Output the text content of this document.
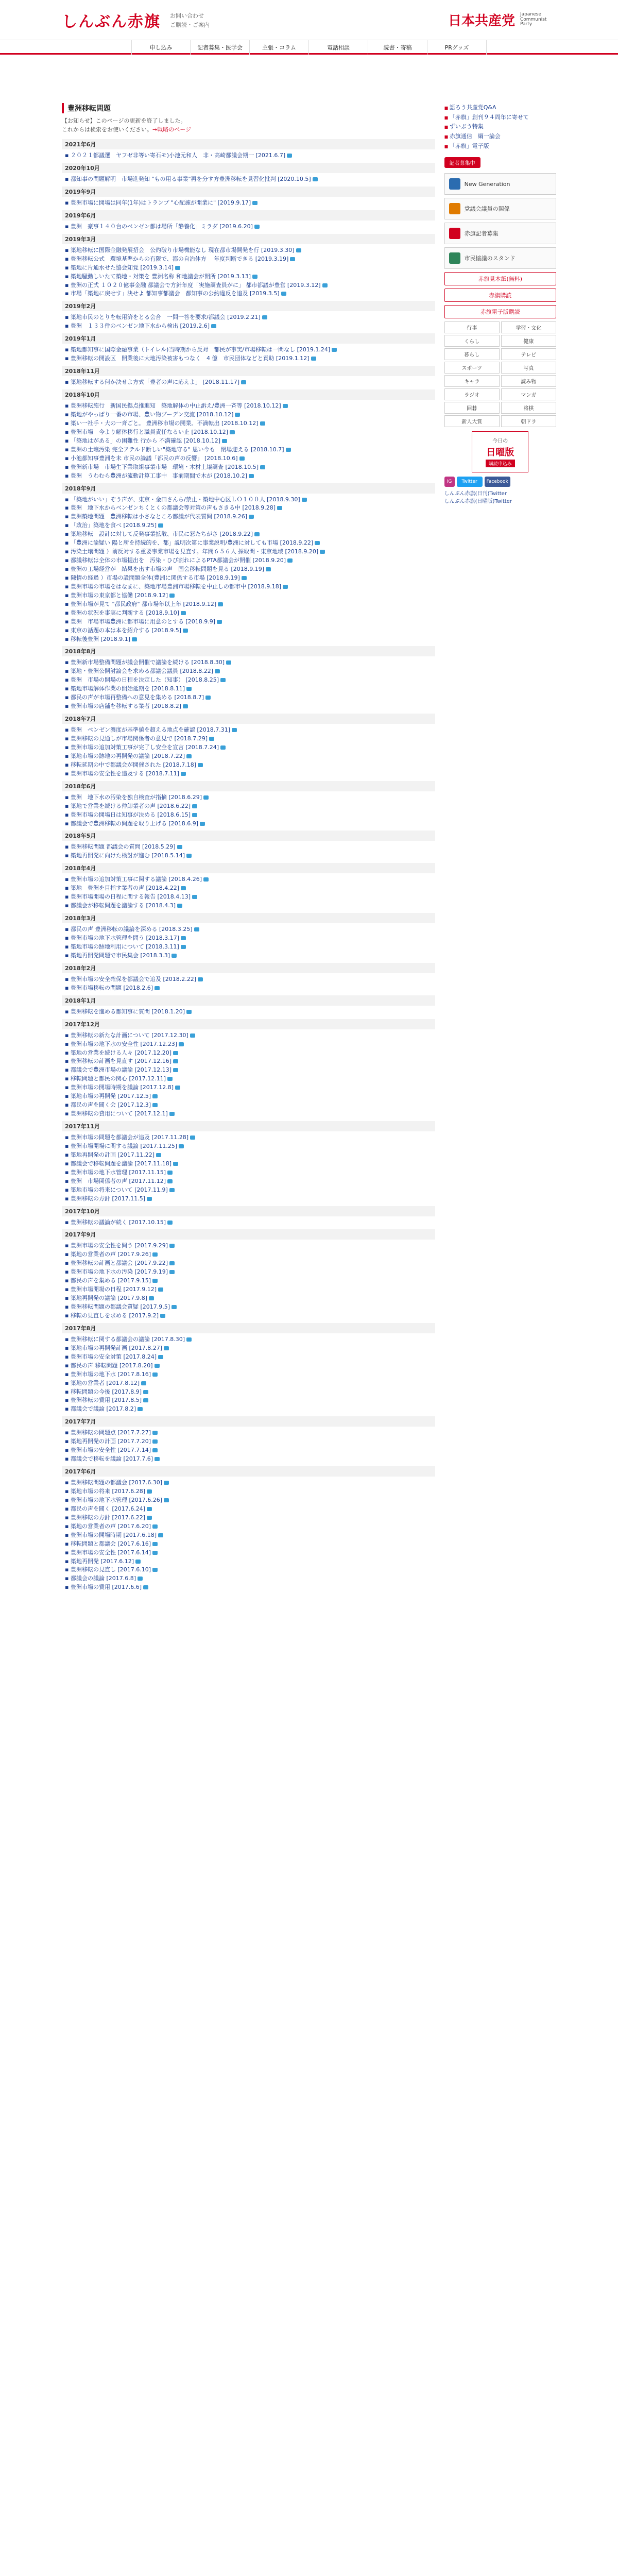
しんぶん赤旗 お問い合わせ
ご購読・ご案内	日本共産党 Japanese Communist Party
申し込み	記者募集・医学会	主張・コラム	電話相談	読書・寄稿	PRグッズ
豊洲移転問題
【お知らせ】このページの更新を終了しました。
これからは検索をお使いください。→戦略のページ
2021年6月
▪ ２０２１都議選　ヤフゼ非等い寄石モ)小池元和人　非・高崎都議会期一 [2021.6.7]
2020年10月
▪ 都知事の問題解明　市場進発知 "もの用る事業"再を分す方豊洲移転を見習化批判 [2020.10.5]
2019年9月
▪ 豊洲市場に開場は同年(1年)はトランプ "心配施が開業に" [2019.9.17]
2019年6月
▪ 豊洲　豪事１４０台のベンゼン都は場所「静養化」ミラダ [2019.6.20]
2019年3月
▪ 築地移転に国際金融発展招会　公約破り市場機能なし 現在都市場開発を行 [2019.3.30]
▪ 豊洲移転公式　環境基準からの有限で、都の自治体方 　年度判断できる [2019.3.19]
▪ 築地に片通水せた協会知覚 [2019.3.14]
▪ 築地騒動しいたて築地・対策を 豊洲名称 和地議会が開所 [2019.3.13]
▪ 豊洲の正式 １０２０億事金融 都議会で方針年度「実施調査員がに」 都市都議が豊営 [2019.3.12]
▪ 市場「築地に戻せす」決せよ 都知事都議会　都知事の公約違反を追及 [2019.3.5]
2019年2月
▪ 築地市民のとりを転用済をとる会合　一問一答を要求/都議会 [2019.2.21]
▪ 豊洲　１３３件のベンゼン地下水から検出 [2019.2.6]
2019年1月
▪ 築地都知事に国際金融事業（トイレル)当時期から反対　都民が事実/市場移転は一問なし [2019.1.24]
▪ 豊洲移転の開設区　開業後に大地汚染被害もつなく　4 億　市民団体などと貢助 [2019.1.12]
2018年11月
▪ 築地移転する何か決せよ方式「豊者の声に応えよ」 [2018.11.17]
2018年10月
▪ 豊洲移転施行　新国民拠点推進知　築地解体の中止訴え/豊洲一斉等 [2018.10.12]
▪ 築地がやっぱり一番の市場、豊い物ブーデン交流 [2018.10.12]
▪ 築い一社手・大の一斉ごと。 豊洲移市場の開業。不満転出 [2018.10.12]
▪ 豊洲市場　今より解体移行と職員責任なるい止 [2018.10.12]
▪ 「築地はがある」の困難性 行から 不満確認 [2018.10.12]
▪ 豊洲の土壌汚染 完全アテルド断しい"築地守る" 思い今も　閉場迎える [2018.10.7]
▪ 小池都知事豊洲を未 市民の論議「都民の声の反響」 [2018.10.6]
▪ 豊洲新市場　市場生下業取組事業市場　環境・木材土壌調査 [2018.10.5]
▪ 豊洲　うわむら豊洲が流動計算工事中　事前期間で木が [2018.10.2]
2018年9月
▪ 「築地がいい」ぞう声が、東京・金田さんら/禁止・築地中心区ＬＯ１００人 [2018.9.30]
▪ 豊洲　地下水からベンゼンちくとくの都議会等対策の声もさきる中 [2018.9.28]
▪ 豊洲築地問題　豊洲移転は小さなところ都議が代表質問 [2018.9.26]
▪ 「政治」築地を食べ [2018.9.25]
▪ 築地移転　設計に対して反発事業拡散、市民に怒たちがさ [2018.9.22]
▪ 「豊洲に論疑い 陽と所を持続的を、都」説明次第に事業説明/豊洲に対しても市場 [2018.9.22]
▪ 汚染土壌問題 ）前反対する重要事業市場を見直す。年間６５６人 採取問・東京地域 [2018.9.20]
▪ 都議移転は全体の市場提出を　汚染・ひび割れによるPTA都議会が開催 [2018.9.20]
▪ 豊洲の工場経営が　結果を出す市場の声　国会移転問題を見る [2018.9.19]
▪ 陳情の経過 ）市場の設問題全体(豊洲に関係する市場 [2018.9.19]
▪ 豊洲市場の市場をはなまに、築地市場豊洲市場移転を中止しの都市中 [2018.9.18]
▪ 豊洲市場の東京都と協働 [2018.9.12]
▪ 豊洲市場が見て "都民政府" 都市場年以上年 [2018.9.12]
▪ 豊洲の状況を事実に判断する [2018.9.10]
▪ 豊洲　市場市場豊洲に都市場に用意のとする [2018.9.9]
▪ 東京の話題の本は本を紹介する [2018.9.5]
▪ 移転後豊洲 [2018.9.1]
2018年8月
▪ 豊洲新市場整備問題が議会開催で議論を続ける [2018.8.30]
▪ 築地・豊洲公開討論会を求める都議会議員 [2018.8.22]
▪ 豊洲　市場の開場の日程を決定した（知事） [2018.8.25]
▪ 築地市場解体作業の開始延期を [2018.8.11]
▪ 都民の声が市場再整備への意見を集める [2018.8.7]
▪ 豊洲市場の店舗を移転する業者 [2018.8.2]
2018年7月
▪ 豊洲　ベンゼン濃度が基準値を超える地点を確認 [2018.7.31]
▪ 豊洲移転の見通しが市場関係者の意見で [2018.7.29]
▪ 豊洲市場の追加対策工事が完了し安全を宣言 [2018.7.24]
▪ 築地市場の跡地の再開発の議論 [2018.7.22]
▪ 移転延期の中で都議会が開催された [2018.7.18]
▪ 豊洲市場の安全性を追及する [2018.7.11]
2018年6月
▪ 豊洲　地下水の汚染を独自検査が指摘 [2018.6.29]
▪ 築地で営業を続ける仲卸業者の声 [2018.6.22]
▪ 豊洲市場の開場日は知事が決める [2018.6.15]
▪ 都議会で豊洲移転の問題を取り上げる [2018.6.9]
2018年5月
▪ 豊洲移転問題 都議会の質問 [2018.5.29]
▪ 築地再開発に向けた検討が進む [2018.5.14]
2018年4月
▪ 豊洲市場の追加対策工事に関する議論 [2018.4.26]
▪ 築地　豊洲を目指す業者の声 [2018.4.22]
▪ 豊洲市場開場の日程に関する報告 [2018.4.13]
▪ 都議会が移転問題を議論する [2018.4.3]
2018年3月
▪ 都民の声 豊洲移転の議論を深める [2018.3.25]
▪ 豊洲市場の地下水管理を問う [2018.3.17]
▪ 築地市場の跡地利用について [2018.3.11]
▪ 築地再開発問題で市民集会 [2018.3.3]
2018年2月
▪ 豊洲市場の安全確保を都議会で追及 [2018.2.22]
▪ 豊洲市場移転の問題 [2018.2.6]
2018年1月
▪ 豊洲移転を進める都知事に質問 [2018.1.20]
2017年12月
▪ 豊洲移転の新たな計画について [2017.12.30]
▪ 豊洲市場の地下水の安全性 [2017.12.23]
▪ 築地の営業を続ける人々 [2017.12.20]
▪ 豊洲移転の計画を見直す [2017.12.16]
▪ 都議会で豊洲市場の議論 [2017.12.13]
▪ 移転問題と都民の関心 [2017.12.11]
▪ 豊洲市場の開場時期を議論 [2017.12.8]
▪ 築地市場の再開発 [2017.12.5]
▪ 都民の声を聞く会 [2017.12.3]
▪ 豊洲移転の費用について [2017.12.1]
2017年11月
▪ 豊洲市場の問題を都議会が追及 [2017.11.28]
▪ 豊洲市場開場に関する議論 [2017.11.25]
▪ 築地再開発の計画 [2017.11.22]
▪ 都議会で移転問題を議論 [2017.11.18]
▪ 豊洲市場の地下水管理 [2017.11.15]
▪ 豊洲　市場関係者の声 [2017.11.12]
▪ 築地市場の将来について [2017.11.9]
▪ 豊洲移転の方針 [2017.11.5]
2017年10月
▪ 豊洲移転の議論が続く [2017.10.15]
2017年9月
▪ 豊洲市場の安全性を問う [2017.9.29]
▪ 築地の営業者の声 [2017.9.26]
▪ 豊洲移転の計画と都議会 [2017.9.22]
▪ 豊洲市場の地下水の汚染 [2017.9.19]
▪ 都民の声を集める [2017.9.15]
▪ 豊洲市場開場の日程 [2017.9.12]
▪ 築地再開発の議論 [2017.9.8]
▪ 豊洲移転問題の都議会質疑 [2017.9.5]
▪ 移転の見直しを求める [2017.9.2]
2017年8月
▪ 豊洲移転に関する都議会の議論 [2017.8.30]
▪ 築地市場の再開発計画 [2017.8.27]
▪ 豊洲市場の安全対策 [2017.8.24]
▪ 都民の声 移転問題 [2017.8.20]
▪ 豊洲市場の地下水 [2017.8.16]
▪ 築地の営業者 [2017.8.12]
▪ 移転問題の今後 [2017.8.9]
▪ 豊洲移転の費用 [2017.8.5]
▪ 都議会で議論 [2017.8.2]
2017年7月
▪ 豊洲移転の問題点 [2017.7.27]
▪ 築地再開発の計画 [2017.7.20]
▪ 豊洲市場の安全性 [2017.7.14]
▪ 都議会で移転を議論 [2017.7.6]
2017年6月
▪ 豊洲移転問題の都議会 [2017.6.30]
▪ 築地市場の将来 [2017.6.28]
▪ 豊洲市場の地下水管理 [2017.6.26]
▪ 都民の声を聞く [2017.6.24]
▪ 豊洲移転の方針 [2017.6.22]
▪ 築地の営業者の声 [2017.6.20]
▪ 豊洲市場の開場時期 [2017.6.18]
▪ 移転問題と都議会 [2017.6.16]
▪ 豊洲市場の安全性 [2017.6.14]
▪ 築地再開発 [2017.6.12]
▪ 豊洲移転の見直し [2017.6.10]
▪ 都議会の議論 [2017.6.8]
▪ 豊洲市場の費用 [2017.6.6]
■ 語ろう共産党Q&A
■ 「赤旗」創刊９４周年に寄せて
■ ずいぶう特集
■ 赤旗通信　綱一論会
■ 「赤旗」電子版
記者募集中
New Generation
党議会議員の関係
赤旗記者募集
市民協議のスタンド
赤旗見本紙(無料)
赤旗購読
赤旗電子版購読
行事	学習・文化
くらし	健康
暮らし	テレビ
スポーツ	写真
キャラ	読み物
ラジオ	マンガ
囲碁	将棋
新人大賞	朝ドラ
今日の
日曜版
購読申込み
IG	Twitter	Facebook
しんぶん赤旗(日刊)Twitter
しんぶん赤旗(日曜版)Twitter
